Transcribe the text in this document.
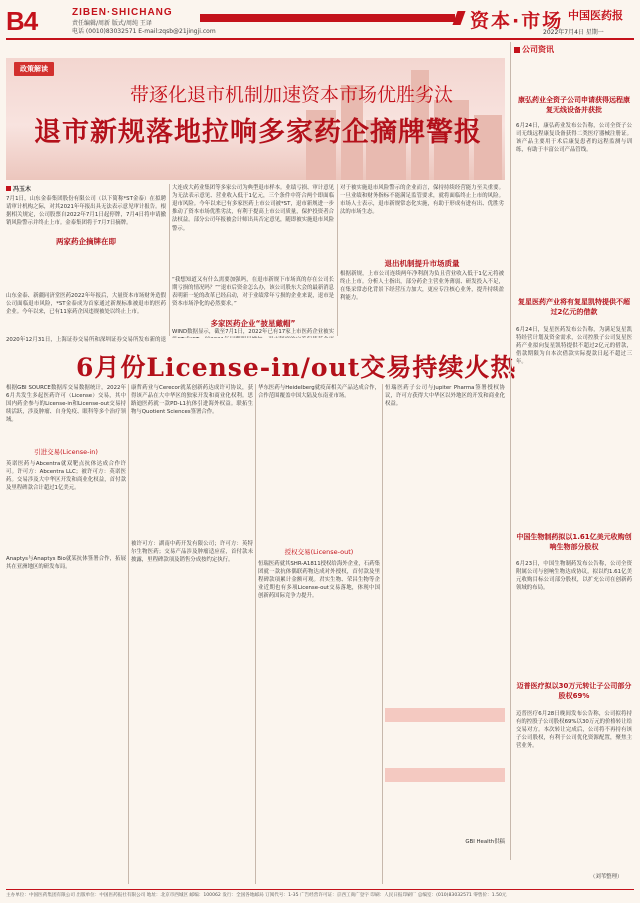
B4	ZIBEN·SHICHANG
责任编辑/周新 版式/周纯 王译
电话 (0010)83032571 E-mail:zqsb@21jingji.com	资本·市场 中国医药报
2022年7月4日 星期一
政策解读
带逐化退市机制加速资本市场优胜劣汰
退市新规落地拉响多家药企摘牌警报
冯玉木
7月1日，山东金泰集团股份有限公司（以下简称*ST金泰）在拟聘请审计机构之际，对其2021年年报出具无法表示意见审计报告。根据相关规定，公司股票自2022年7月1日起停牌，7月4日将申请撤销风险警示并终止上市。金泰集团将于7月7日摘牌。
山东金泰、新疆同济堂医药2022年年报后，大量资本市场财务造假公司面临退市风险，*ST金泰成为首家通过新规标准被退市的医药企业。今年以来，已有11家药企因违规被处以终止上市。
大连成大药业集团等多家公司为典型退市样本。业绩亏损、审计意见为无法表示意见、营业收入低于1亿元，三个条件中符合两个即面临退市风险。今年以来已有多家医药上市公司被*ST，退市新规进一步推动了资本市场优胜劣汰，有利于提高上市公司质量，保护投资者合法权益。部分公司年报被会计师出具否定意见，随即被实施退市风险警示。
“我想知道又有什么需要加强吗，在退市新规下市场真的存在公司长期亏损的情况吗？”“退市后资金怎么办，该公司股东大会的最新消息表明新一轮的改革已经启动，对于业绩常年亏损的企业来说，退市是资本市场净化的必然要求。”
对于被实施退市风险警示的企业而言，保持持续经营能力至关重要。一旦业绩和财务指标不能满足监管要求，就将面临终止上市的风险。市场人士表示，退市新规常态化实施，有助于形成有进有出、优胜劣汰的市场生态。
退出机制提升市场质量
根据新规，上市公司连续两年净利润为负且营业收入低于1亿元将被终止上市。分析人士指出，部分药企主营业务薄弱、研发投入不足，在集采常态化背景下经营压力加大，更应专注核心业务，提升持续盈利能力。
6月份License-in/out交易持续火热
根据GBI SOURCE数据库交易数据统计，2022年6月共发生多起医药许可（License）交易，其中国内药企参与的License-in和License-out交易持续活跃，涉及肿瘤、自身免疫、眼科等多个治疗领域。
引进交易(License-in)
英诺医药与Abcentra就双靶点抗体达成合作许可。许可方：Abcentra LLC；被许可方：英诺医药。交易涉及大中华区开发和商业化权益，首付款及里程碑款合计超过1亿美元。
Anaptys与Anaptys Bio就某抗体签署合作，拓展其在亚洲地区的研发布局。
康哲药业与Cerecor就某创新药达成许可协议，获得该产品在大中华区的独家开发和商业化权利。思路迪医药就一款PD-L1抗体引进海外权益。联拓生物与Quotient Sciences签署合作。
被许可方：湖南中药开发有限公司；许可方：英特尔生物医药；交易产品涉及肿瘤适应症，首付款未披露，里程碑款项及销售分成按约定执行。
华东医药与Heidelberg就疫苗相关产品达成合作，合作范围覆盖中国大陆及东南亚市场。
授权交易(License-out)
恒瑞医药就其SHR-A1811授权给海外企业，石药集团就一款抗体偶联药物达成对外授权，首付款及里程碑款项累计金额可观。君实生物、荣昌生物等企业近期也有多项License-out交易落地，体现中国创新药国际竞争力提升。
恒瑞医药子公司与Jupiter Pharma签署授权协议，许可方获得大中华区以外地区的开发和商业化权益。
GBI Health供稿
公司资讯
康弘药业全资子公司申请获得远程康复无线设备并获批
6月24日，康弘药业发布公告称，公司全资子公司无线远程康复设备获得二类医疗器械注册证。该产品主要用于术后康复患者的远程监测与训练，有助于丰富公司产品管线。
复星医药产业将有复星凯特提供不超过2亿元的借款
6月24日，复星医药发布公告称，为满足复星凯特经营计划及资金需求，公司控股子公司复星医药产业拟向复星凯特提供不超过2亿元的借款，借款期限为自本次借款实际提款日起不超过三年。
中国生物制药拟以1.61亿美元收购创响生物部分股权
6月23日，中国生物制药发布公告称，公司全资附属公司与创响生物达成协议，拟以约1.61亿美元收购目标公司部分股权，以扩充公司在创新药领域的布局。
迈普医疗拟以30万元转让子公司部分股权69%
迈普医疗6月28日晚间发布公告称，公司拟将持有的控股子公司股权69%以30万元的价格转让给交易对方。本次转让完成后，公司将不再持有该子公司股权，有利于公司优化资源配置，聚焦主营业务。
（刘苇整理）
主办单位：中国医药集团有限公司 出版单位：中国医药报社有限公司 地址：北京市西城区 邮编：100062 发行：全国各地邮局 订阅代号：1-35 广告经营许可证：京西工商广登字 印刷：人民日报印刷厂 总编室：(010)83032571 零售价：1.50元
两家药企摘牌在即
多家医药企业“披星戴帽”
WIND数据显示，截至7月1日，2022年已有17家上市医药企业被实
2020年12月31日，上海证券交易所和深圳证券交易所发布新的退
